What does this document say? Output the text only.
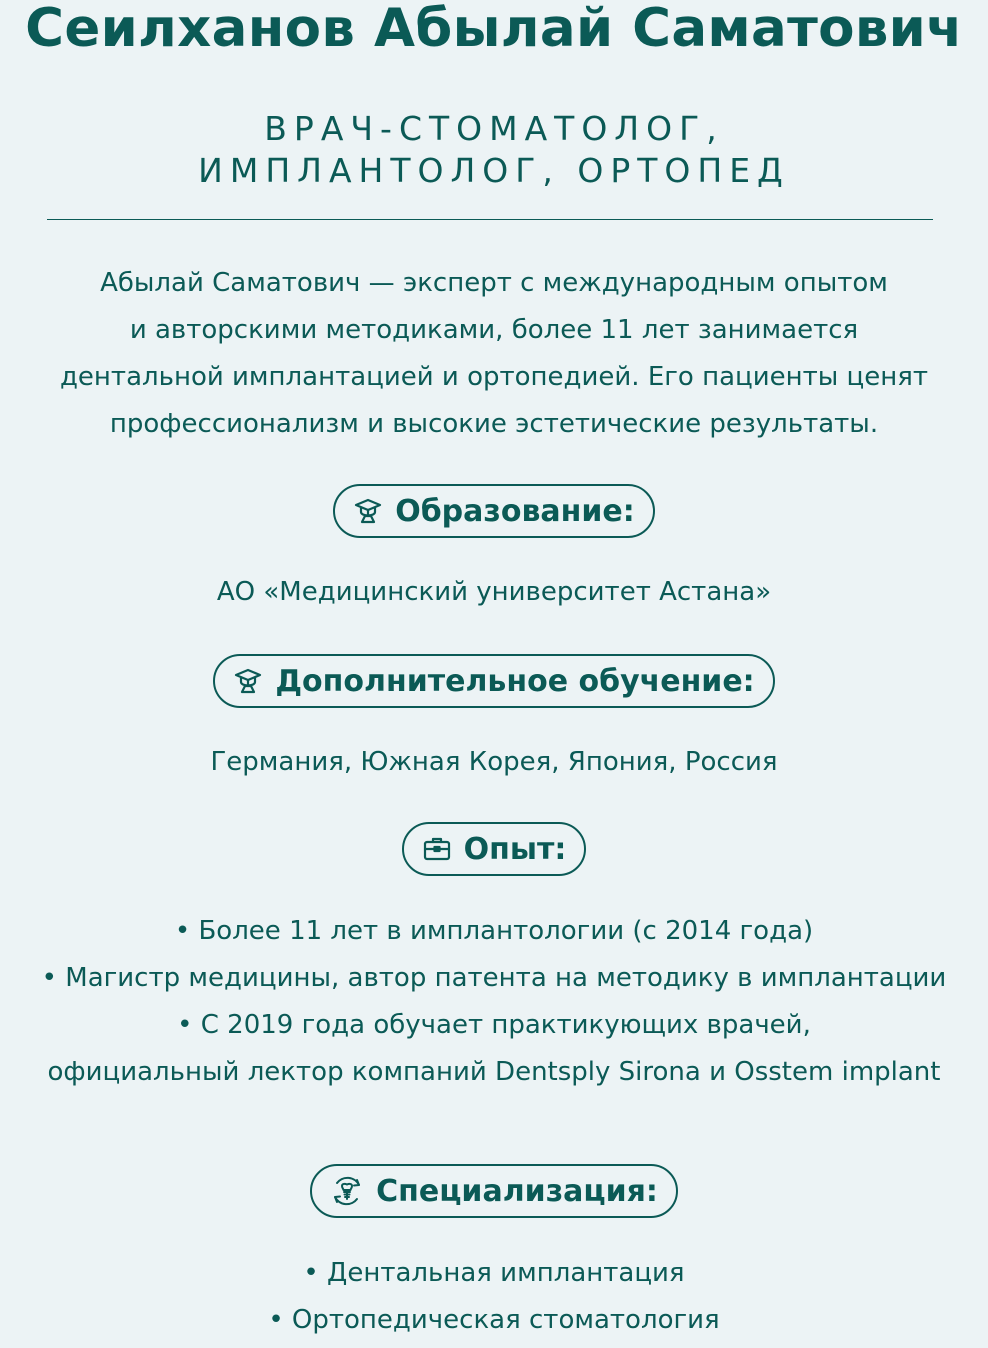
Сеилханов Абылай Саматович
ВРАЧ-СТОМАТОЛОГ,
ИМПЛАНТОЛОГ, ОРТОПЕД
Абылай Саматович — эксперт с международным опытом
и авторскими методиками, более 11 лет занимается
дентальной имплантацией и ортопедией. Его пациенты ценят
профессионализм и высокие эстетические результаты.
Образование:
АО «Медицинский университет Астана»
Дополнительное обучение:
Германия, Южная Корея, Япония, Россия
Опыт:
• Более 11 лет в имплантологии (с 2014 года)
• Магистр медицины, автор патента на методику в имплантации
• С 2019 года обучает практикующих врачей,
официальный лектор компаний Dentsply Sirona и Osstem implant
Специализация:
• Дентальная имплантация
• Ортопедическая стоматология
